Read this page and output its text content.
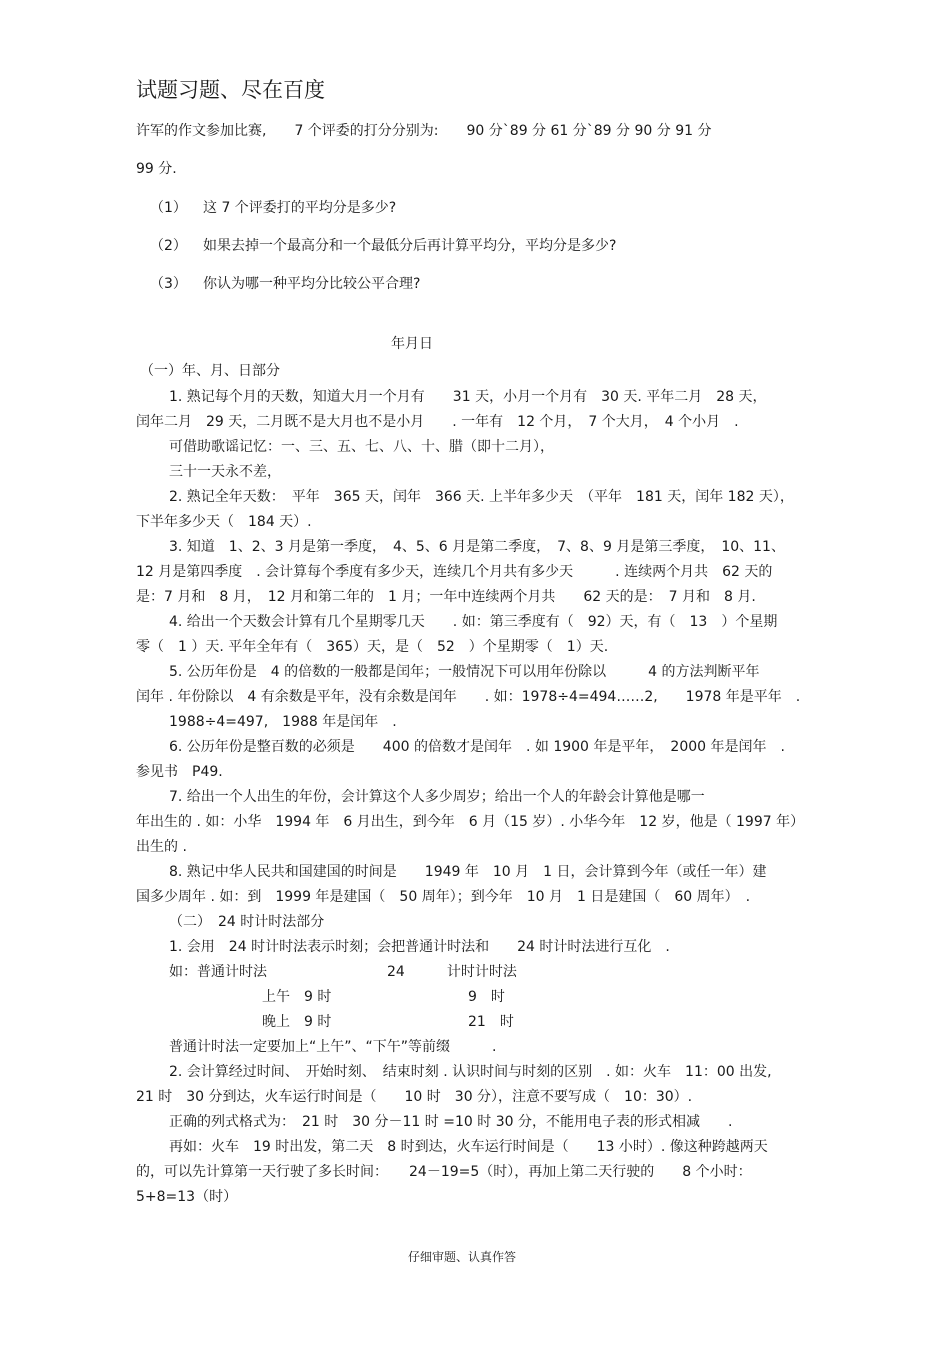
试题习题、尽在百度
许军的作文参加比赛,　　7 个评委的打分分别为:　　90 分`89 分 61 分`89 分 90 分 91 分
99 分.
（1） 这 7 个评委打的平均分是多少?
（2） 如果去掉一个最高分和一个最低分后再计算平均分，平均分是多少?
（3） 你认为哪一种平均分比较公平合理?
年月日
（一）年、月、日部分
1. 熟记每个月的天数，知道大月一个月有　　31 天，小月一个月有　30 天. 平年二月　28 天，
闰年二月　29 天，二月既不是大月也不是小月　　. 一年有　12 个月，　7 个大月，　4 个小月　.
可借助歌谣记忆：一、三、五、七、八、十、腊（即十二月），
三十一天永不差，
2. 熟记全年天数：　平年　365 天，闰年　366 天. 上半年多少天　（平年　181 天，闰年 182 天），
下半年多少天（　184 天）.
3. 知道　1、2、3 月是第一季度，　4、5、6 月是第二季度，　7、8、9 月是第三季度，　10、11、
12 月是第四季度　. 会计算每个季度有多少天，连续几个月共有多少天　　　. 连续两个月共　62 天的
是：7 月和　8 月，　12 月和第二年的　1 月；一年中连续两个月共　　62 天的是：　7 月和　8 月.
4. 给出一个天数会计算有几个星期零几天　　. 如：第三季度有（　92）天，有（　13　）个星期
零（　1 ）天. 平年全年有（　365）天，是（　52　）个星期零（　1）天.
5. 公历年份是　4 的倍数的一般都是闰年；一般情况下可以用年份除以　　　4 的方法判断平年
闰年 . 年份除以　4 有余数是平年，没有余数是闰年　　. 如：1978÷4=494……2,　　1978 年是平年　.
1988÷4=497,　1988 年是闰年　.
6. 公历年份是整百数的必须是　　400 的倍数才是闰年　. 如 1900 年是平年，　2000 年是闰年　.
参见书　P49.
7. 给出一个人出生的年份，会计算这个人多少周岁；给出一个人的年龄会计算他是哪一
年出生的 . 如：小华　1994 年　6 月出生，到今年　6 月（15 岁）. 小华今年　12 岁，他是（ 1997 年）
出生的 .
8. 熟记中华人民共和国建国的时间是　　1949 年　10 月　1 日，会计算到今年（或任一年）建
国多少周年 . 如：到　1999 年是建国（　50 周年）；到今年　10 月　1 日是建国（　60 周年）　.
（二）　24 时计时法部分
1. 会用　24 时计时法表示时刻；会把普通计时法和　　24 时计时法进行互化　.
如：普通计时法	24　　　计时计时法
上午　9 时	9　时
晚上　9 时	21　时
普通计时法一定要加上“上午”、“下午”等前缀　　　.
2. 会计算经过时间、　开始时刻、　结束时刻 . 认识时间与时刻的区别　. 如：火车　11：00 出发,
21 时　30 分到达，火车运行时间是（　　10 时　30 分），注意不要写成（　10：30）.
正确的列式格式为：　21 时　30 分－11 时 =10 时 30 分，不能用电子表的形式相减　　.
再如：火车　19 时出发，第二天　8 时到达，火车运行时间是（　　13 小时）. 像这种跨越两天
的，可以先计算第一天行驶了多长时间：　　24－19=5（时），再加上第二天行驶的　　8 个小时：
5+8=13（时）
仔细审题、认真作答
